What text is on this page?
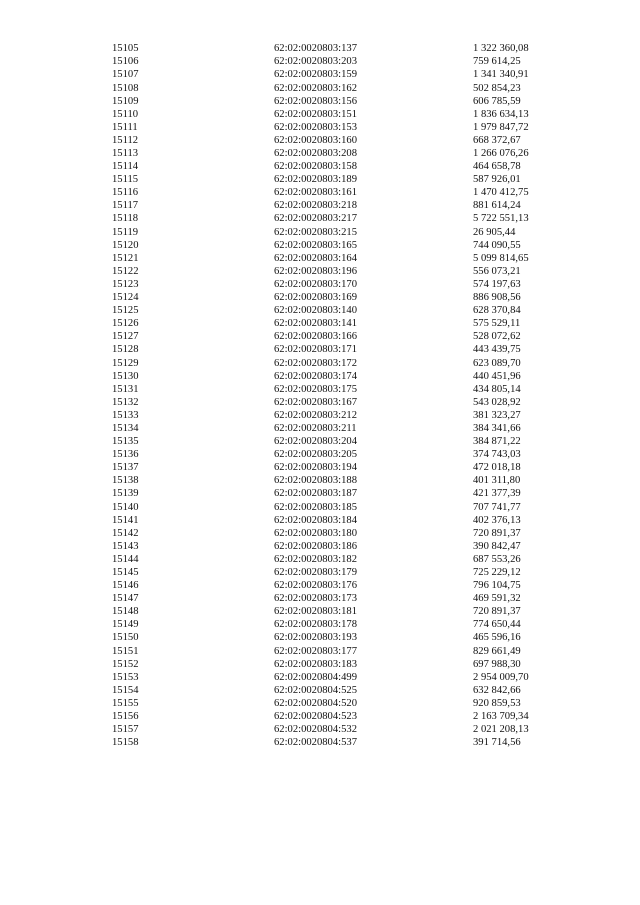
15105	62:02:0020803:137	1 322 360,08
15106	62:02:0020803:203	759 614,25
15107	62:02:0020803:159	1 341 340,91
15108	62:02:0020803:162	502 854,23
15109	62:02:0020803:156	606 785,59
15110	62:02:0020803:151	1 836 634,13
15111	62:02:0020803:153	1 979 847,72
15112	62:02:0020803:160	668 372,67
15113	62:02:0020803:208	1 266 076,26
15114	62:02:0020803:158	464 658,78
15115	62:02:0020803:189	587 926,01
15116	62:02:0020803:161	1 470 412,75
15117	62:02:0020803:218	881 614,24
15118	62:02:0020803:217	5 722 551,13
15119	62:02:0020803:215	26 905,44
15120	62:02:0020803:165	744 090,55
15121	62:02:0020803:164	5 099 814,65
15122	62:02:0020803:196	556 073,21
15123	62:02:0020803:170	574 197,63
15124	62:02:0020803:169	886 908,56
15125	62:02:0020803:140	628 370,84
15126	62:02:0020803:141	575 529,11
15127	62:02:0020803:166	528 072,62
15128	62:02:0020803:171	443 439,75
15129	62:02:0020803:172	623 089,70
15130	62:02:0020803:174	440 451,96
15131	62:02:0020803:175	434 805,14
15132	62:02:0020803:167	543 028,92
15133	62:02:0020803:212	381 323,27
15134	62:02:0020803:211	384 341,66
15135	62:02:0020803:204	384 871,22
15136	62:02:0020803:205	374 743,03
15137	62:02:0020803:194	472 018,18
15138	62:02:0020803:188	401 311,80
15139	62:02:0020803:187	421 377,39
15140	62:02:0020803:185	707 741,77
15141	62:02:0020803:184	402 376,13
15142	62:02:0020803:180	720 891,37
15143	62:02:0020803:186	390 842,47
15144	62:02:0020803:182	687 553,26
15145	62:02:0020803:179	725 229,12
15146	62:02:0020803:176	796 104,75
15147	62:02:0020803:173	469 591,32
15148	62:02:0020803:181	720 891,37
15149	62:02:0020803:178	774 650,44
15150	62:02:0020803:193	465 596,16
15151	62:02:0020803:177	829 661,49
15152	62:02:0020803:183	697 988,30
15153	62:02:0020804:499	2 954 009,70
15154	62:02:0020804:525	632 842,66
15155	62:02:0020804:520	920 859,53
15156	62:02:0020804:523	2 163 709,34
15157	62:02:0020804:532	2 021 208,13
15158	62:02:0020804:537	391 714,56
